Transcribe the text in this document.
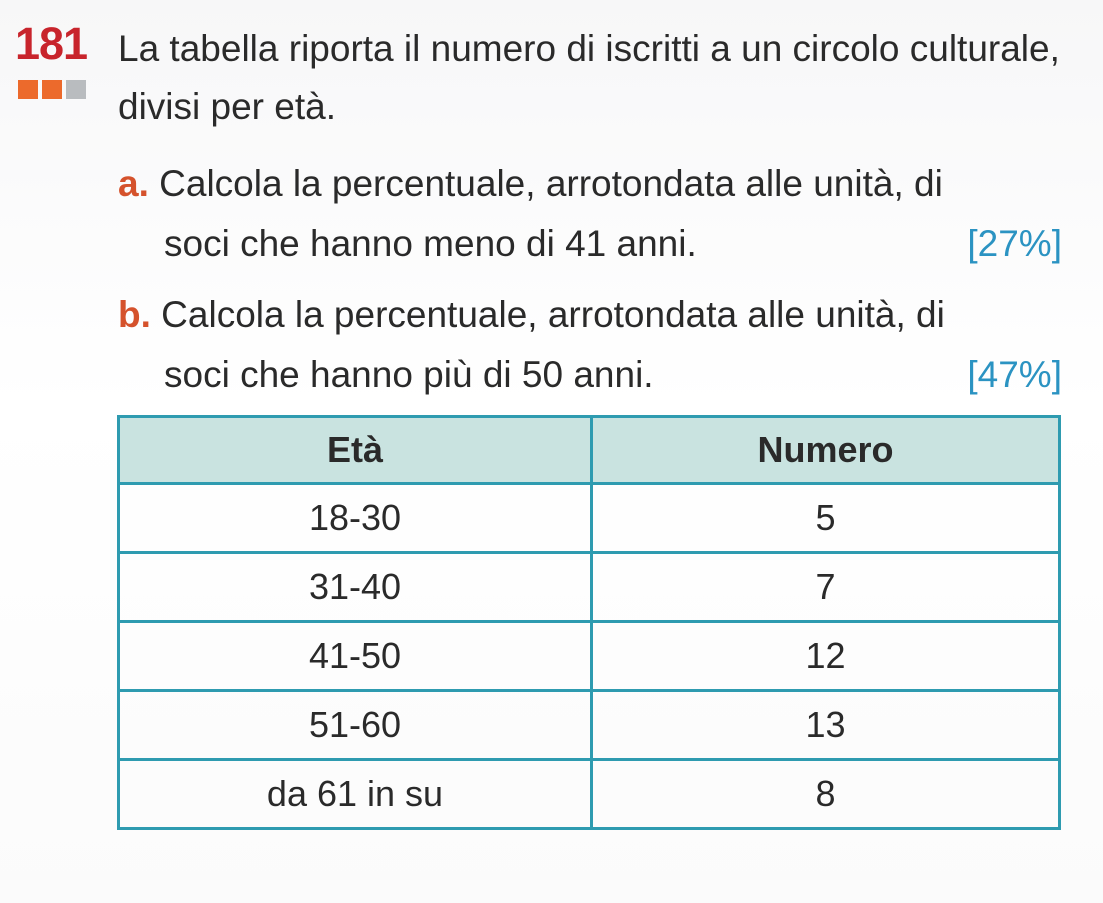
181 La tabella riporta il numero di iscritti a un circolo culturale, divisi per età.
a. Calcola la percentuale, arrotondata alle unità, di
soci che hanno meno di 41 anni.	[27%]
b. Calcola la percentuale, arrotondata alle unità, di
soci che hanno più di 50 anni.	[47%]
Età	Numero
18-30	5
31-40	7
41-50	12
51-60	13
da 61 in su	8
